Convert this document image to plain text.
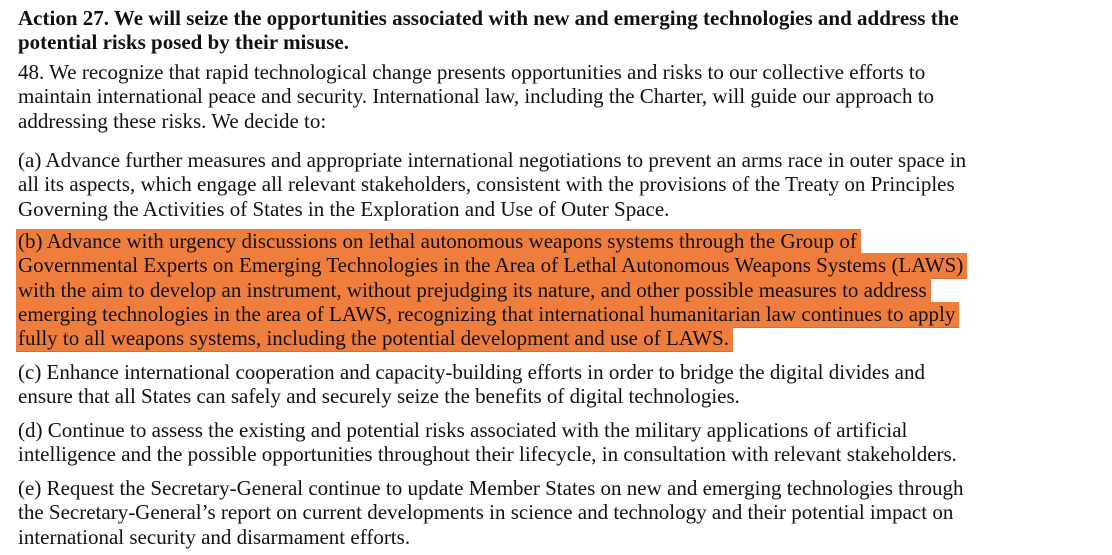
Action 27. We will seize the opportunities associated with new and emerging technologies and address the
potential risks posed by their misuse.
48. We recognize that rapid technological change presents opportunities and risks to our collective efforts to
maintain international peace and security. International law, including the Charter, will guide our approach to
addressing these risks. We decide to:
(a) Advance further measures and appropriate international negotiations to prevent an arms race in outer space in
all its aspects, which engage all relevant stakeholders, consistent with the provisions of the Treaty on Principles
Governing the Activities of States in the Exploration and Use of Outer Space.
(b) Advance with urgency discussions on lethal autonomous weapons systems through the Group of
Governmental Experts on Emerging Technologies in the Area of Lethal Autonomous Weapons Systems (LAWS)
with the aim to develop an instrument, without prejudging its nature, and other possible measures to address
emerging technologies in the area of LAWS, recognizing that international humanitarian law continues to apply
fully to all weapons systems, including the potential development and use of LAWS.
(c) Enhance international cooperation and capacity-building efforts in order to bridge the digital divides and
ensure that all States can safely and securely seize the benefits of digital technologies.
(d) Continue to assess the existing and potential risks associated with the military applications of artificial
intelligence and the possible opportunities throughout their lifecycle, in consultation with relevant stakeholders.
(e) Request the Secretary-General continue to update Member States on new and emerging technologies through
the Secretary-General’s report on current developments in science and technology and their potential impact on
international security and disarmament efforts.
